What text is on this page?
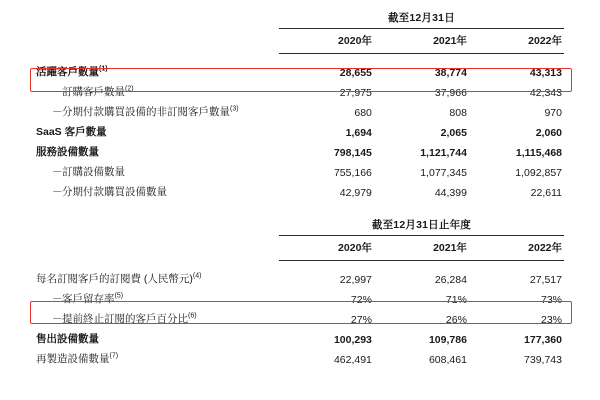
	截至12月31日		

	2020年	2021年	2022年

活躍客戶數量$^{(1)}$	28,655	38,774	43,313
－訂購客戶數量$^{(2)}$	27,975	37,966	42,343
－分期付款購買設備的非訂閱客戶數量$^{(3)}$	680	808	970
SaaS 客戶數量	1,694	2,065	2,060
服務設備數量	798,145	1,121,744	1,115,468
－訂購設備數量	755,166	1,077,345	1,092,857
－分期付款購買設備數量	42,979	44,399	22,611
	截至12月31日止年度		

	2020年	2021年	2022年

每名訂閱客戶的訂閱費 (人民幣元)$^{(4)}$	22,997	26,284	27,517
－客戶留存率$^{(5)}$	72%	71%	73%
－提前終止訂閱的客戶百分比$^{(6)}$	27%	26%	23%
售出設備數量	100,293	109,786	177,360
再製造設備數量$^{(7)}$	462,491	608,461	739,743
